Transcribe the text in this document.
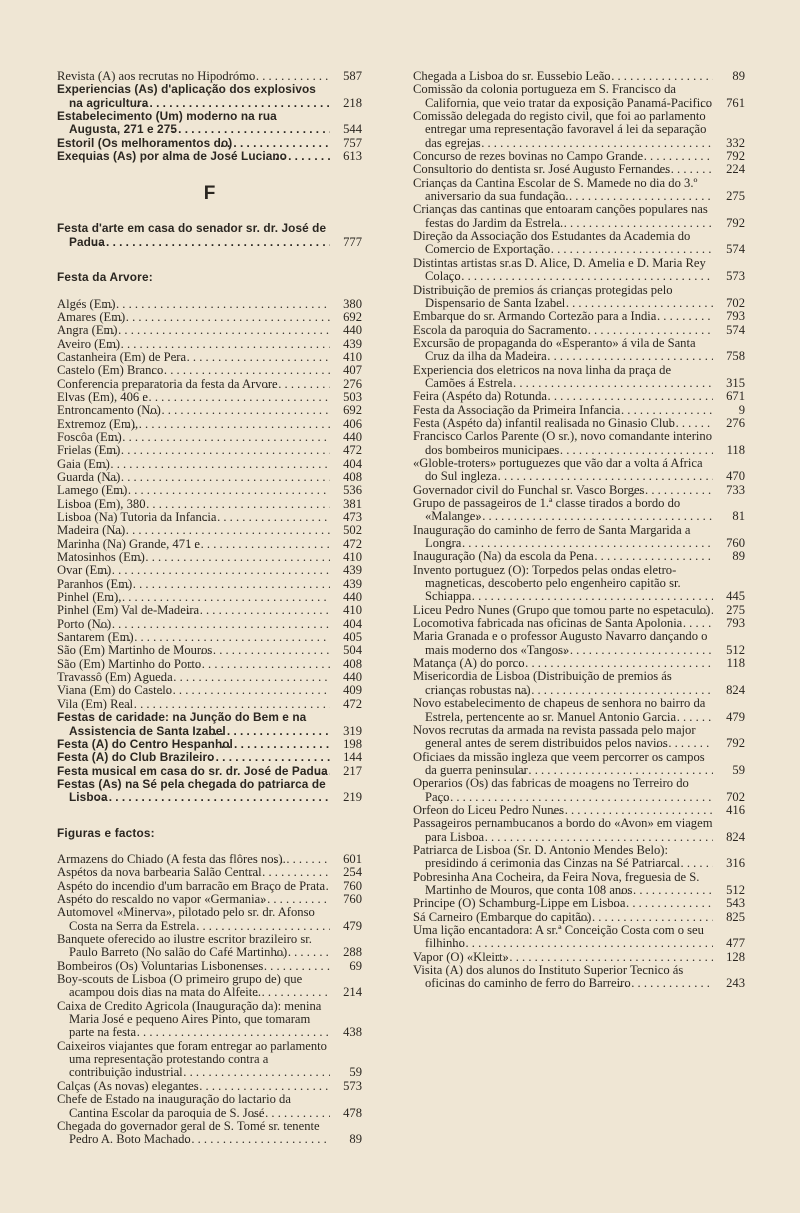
Revista (A) aos recrutas no Hipodrómo . . .	587
Experiencias (As) d'aplicação dos explosivos na agricultura . . .	218
Estabelecimento (Um) moderno na rua Augusta, 271 e 275 . . .	544
Estoril (Os melhoramentos do) . . .	757
Exequias (As) por alma de José Luciano . . .	613
F
Festa d'arte em casa do senador sr. dr. José de Padua . . .	777
Festa da Arvore:
Algés (Em) . . .	380
Amares (Em) . . .	692
Angra (Em) . . .	440
Aveiro (Em) . . .	439
Castanheira (Em) de Pera . . .	410
Castelo (Em) Branco . . .	407
Conferencia preparatoria da festa da Arvore . . .	276
Elvas (Em), 406 e . . .	503
Entroncamento (No) . . .	692
Extremoz (Em), . . .	406
Foscôa (Em) . . .	440
Frielas (Em) . . .	472
Gaia (Em) . . .	404
Guarda (Na) . . .	408
Lamego (Em) . . .	536
Lisboa (Em), 380 . . .	381
Lisboa (Na) Tutoria da Infancia . . .	473
Madeira (Na) . . .	502
Marinha (Na) Grande, 471 e . . .	472
Matosinhos (Em) . . .	410
Ovar (Em) . . .	439
Paranhos (Em) . . .	439
Pinhel (Em), . . .	440
Pinhel (Em) Val de-Madeira . . .	410
Porto (No) . . .	404
Santarem (Em) . . .	405
São (Em) Martinho de Mouros . . .	504
São (Em) Martinho do Porto . . .	408
Travassô (Em) Agueda . . .	440
Viana (Em) do Castelo . . .	409
Vila (Em) Real . . .	472
Festas de caridade: na Junção do Bem e na Assistencia de Santa Izabel . . .	319
Festa (A) do Centro Hespanhol . . .	198
Festa (A) do Club Brazileiro . . .	144
Festa musical em casa do sr. dr. José de Padua . . .	217
Festas (As) na Sé pela chegada do patriarca de Lisboa . . .	219
Figuras e factos:
Armazens do Chiado (A festa das flôres nos). . . .	601
Aspétos da nova barbearia Salão Central . . .	254
Aspéto do incendio d'um barracão em Braço de Prata . . .	760
Aspéto do rescaldo no vapor «Germania» . . .	760
Automovel «Minerva», pilotado pelo sr. dr. Afonso Costa na Serra da Estrela . . .	479
Banquete oferecido ao ilustre escritor brazileiro sr. Paulo Barreto (No salão do Café Martinho) . . .	288
Bombeiros (Os) Voluntarias Lisbonenses . . .	69
Boy-scouts de Lisboa (O primeiro grupo de) que acampou dois dias na mata do Alfeite. . . .	214
Caixa de Credito Agricola (Inauguração da): menina Maria José e pequeno Aires Pinto, que tomaram parte na festa . . .	438
Caixeiros viajantes que foram entregar ao parlamento uma representação protestando contra a contribuição industrial . . .	59
Calças (As novas) elegantes . . .	573
Chefe de Estado na inauguração do lactario da Cantina Escolar da paroquia de S. José . . .	478
Chegada do governador geral de S. Tomé sr. tenente Pedro A. Boto Machado . . .	89
Chegada a Lisboa do sr. Eussebio Leão . . .	89
Comissão da colonia portugueza em S. Francisco da California, que veio tratar da exposição Panamá-Pacifico . . .	761
Comissão delegada do registo civil, que foi ao parlamento entregar uma representação favoravel á lei da separação das egrejas . . .	332
Concurso de rezes bovinas no Campo Grande . . .	792
Consultorio do dentista sr. José Augusto Fernandes . . .	224
Crianças da Cantina Escolar de S. Mamede no dia do 3.º aniversario da sua fundação. . . .	275
Crianças das cantinas que entoaram canções populares nas festas do Jardim da Estrela. . . .	792
Direção da Associação dos Estudantes da Academia do Comercio de Exportação . . .	574
Distintas artistas sr.as D. Alice, D. Amelia e D. Maria Rey Colaço . . .	573
Distribuição de premios ás crianças protegidas pelo Dispensario de Santa Izabel . . .	702
Embarque do sr. Armando Cortezão para a India . . .	793
Escola da paroquia do Sacramento . . .	574
Excursão de propaganda do «Esperanto» á vila de Santa Cruz da ilha da Madeira . . .	758
Experiencia dos eletricos na nova linha da praça de Camões á Estrela . . .	315
Feira (Aspéto da) Rotunda . . .	671
Festa da Associação da Primeira Infancia . . .	9
Festa (Aspéto da) infantil realisada no Ginasio Club . . .	276
Francisco Carlos Parente (O sr.), novo comandante interino dos bombeiros municipaes . . .	118
«Globle-troters» portuguezes que vão dar a volta á Africa do Sul ingleza . . .	470
Governador civil do Funchal sr. Vasco Borges . . .	733
Grupo de passageiros de 1.ª classe tirados a bordo do «Malange» . . .	81
Inauguração do caminho de ferro de Santa Margarida a Longra . . .	760
Inauguração (Na) da escola da Pena . . .	89
Invento portuguez (O): Torpedos pelas ondas eletro-magneticas, descoberto pelo engenheiro capitão sr. Schiappa . . .	445
Liceu Pedro Nunes (Grupo que tomou parte no espetaculo) . . .	275
Locomotiva fabricada nas oficinas de Santa Apolonia . . .	793
Maria Granada e o professor Augusto Navarro dançando o mais moderno dos «Tangos» . . .	512
Matança (A) do porco . . .	118
Misericordia de Lisboa (Distribuição de premios ás crianças robustas na) . . .	824
Novo estabelecimento de chapeus de senhora no bairro da Estrela, pertencente ao sr. Manuel Antonio Garcia . . .	479
Novos recrutas da armada na revista passada pelo major general antes de serem distribuidos pelos navios . . .	792
Oficiaes da missão ingleza que veem percorrer os campos da guerra peninsular . . .	59
Operarios (Os) das fabricas de moagens no Terreiro do Paço . . .	702
Orfeon do Liceu Pedro Nunes . . .	416
Passageiros pernambucanos a bordo do «Avon» em viagem para Lisboa . . .	824
Patriarca de Lisboa (Sr. D. Antonio Mendes Belo): presidindo á cerimonia das Cinzas na Sé Patriarcal . . .	316
Pobresinha Ana Cocheira, da Feira Nova, freguesia de S. Martinho de Mouros, que conta 108 anos . . .	512
Principe (O) Schamburg-Lippe em Lisboa . . .	543
Sá Carneiro (Embarque do capitão) . . .	825
Uma lição encantadora: A sr.ª Conceição Costa com o seu filhinho . . .	477
Vapor (O) «Kleirt» . . .	128
Visita (A) dos alunos do Instituto Superior Tecnico ás oficinas do caminho de ferro do Barreiro . . .	243
